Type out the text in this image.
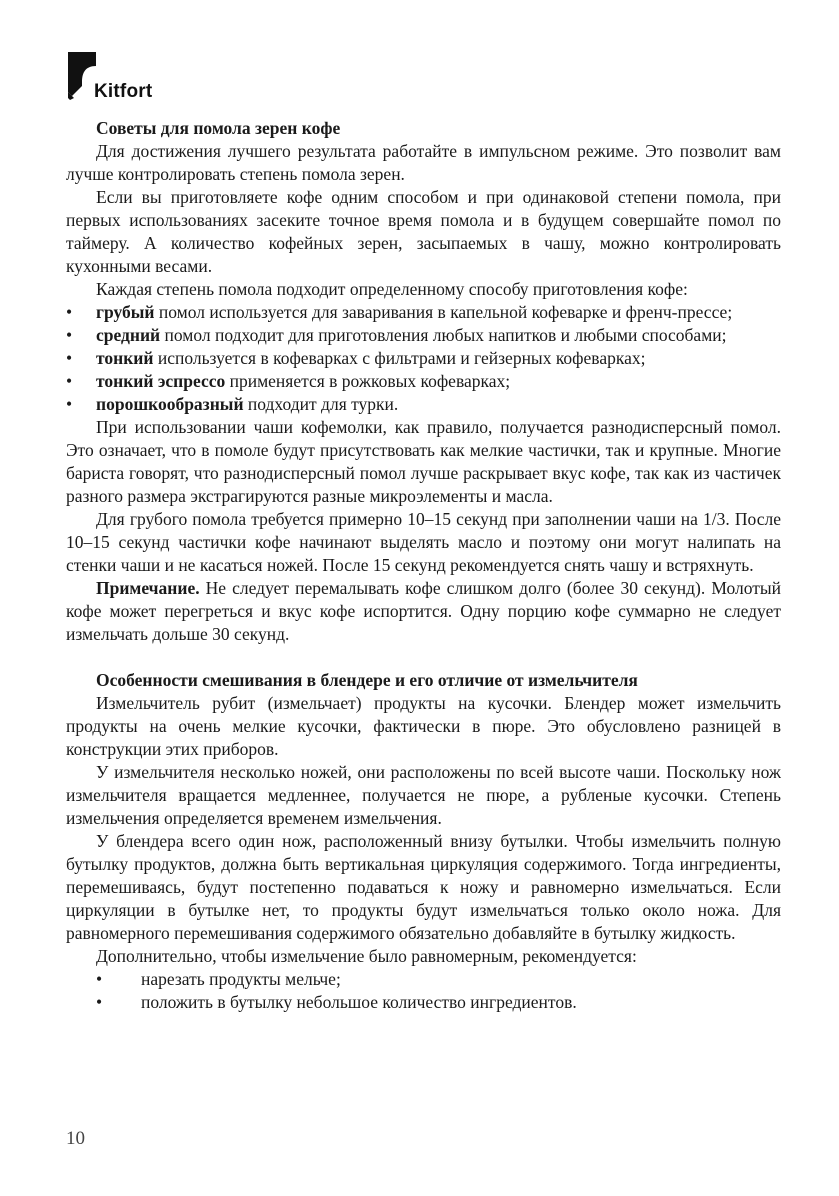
Kitfort
Советы для помола зерен кофе

Для достижения лучшего результата работайте в импульсном режиме. Это позволит вам лучше контролировать степень помола зерен.

Если вы приготовляете кофе одним способом и при одинаковой степени помола, при первых использованиях засеките точное время помола и в будущем совершайте помол по таймеру. А количество кофейных зерен, засыпаемых в чашу, можно контролировать кухонными весами.

Каждая степень помола подходит определенному способу приготовления кофе:

• грубый помол используется для заваривания в капельной кофеварке и френч-прессе;
• средний помол подходит для приготовления любых напитков и любыми способами;
• тонкий используется в кофеварках с фильтрами и гейзерных кофеварках;
• тонкий эспрессо применяется в рожковых кофеварках;
• порошкообразный подходит для турки.

При использовании чаши кофемолки, как правило, получается разнодисперсный помол. Это означает, что в помоле будут присутствовать как мелкие частички, так и крупные. Многие бариста говорят, что разнодисперсный помол лучше раскрывает вкус кофе, так как из частичек разного размера экстрагируются разные микроэлементы и масла.

Для грубого помола требуется примерно 10–15 секунд при заполнении чаши на 1/3. После 10–15 секунд частички кофе начинают выделять масло и поэтому они могут налипать на стенки чаши и не касаться ножей. После 15 секунд рекомендуется снять чашу и встряхнуть.

Примечание. Не следует перемалывать кофе слишком долго (более 30 секунд). Молотый кофе может перегреться и вкус кофе испортится. Одну порцию кофе суммарно не следует измельчать дольше 30 секунд.

Особенности смешивания в блендере и его отличие от измельчителя

Измельчитель рубит (измельчает) продукты на кусочки. Блендер может измельчить продукты на очень мелкие кусочки, фактически в пюре. Это обусловлено разницей в конструкции этих приборов.

У измельчителя несколько ножей, они расположены по всей высоте чаши. Поскольку нож измельчителя вращается медленнее, получается не пюре, а рубленые кусочки. Степень измельчения определяется временем измельчения.

У блендера всего один нож, расположенный внизу бутылки. Чтобы измельчить полную бутылку продуктов, должна быть вертикальная циркуляция содержимого. Тогда ингредиенты, перемешиваясь, будут постепенно подаваться к ножу и равномерно измельчаться. Если циркуляции в бутылке нет, то продукты будут измельчаться только около ножа. Для равномерного перемешивания содержимого обязательно добавляйте в бутылку жидкость.

Дополнительно, чтобы измельчение было равномерным, рекомендуется:

• нарезать продукты мельче;
• положить в бутылку небольшое количество ингредиентов.
10
